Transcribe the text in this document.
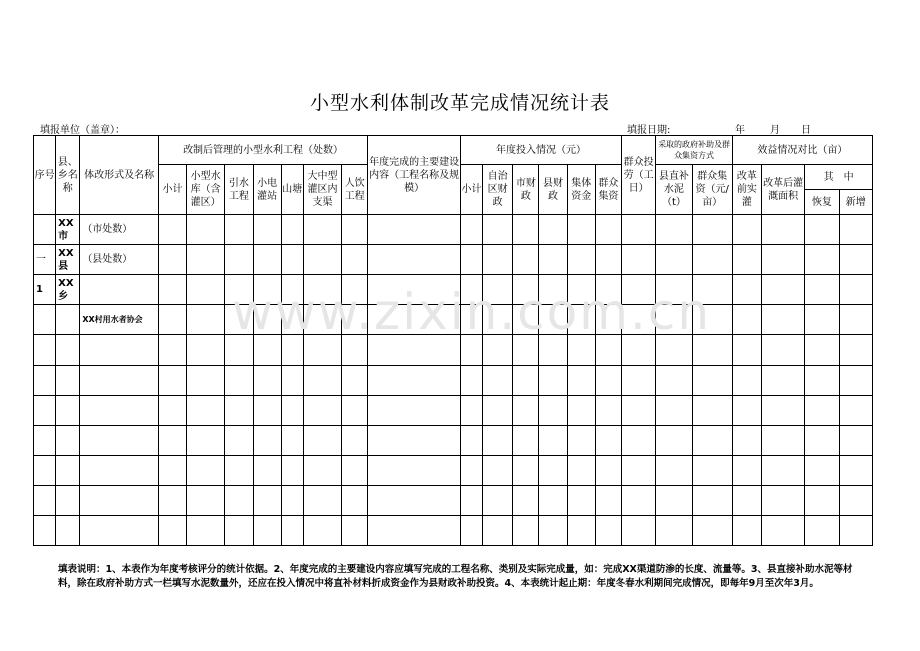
小型水利体制改革完成情况统计表
填报单位（盖章）：	填报日期:	年	月 日
序号	县、乡名称	体改形式及名称	改制后管理的小型水利工程（处数）							年度完成的主要建设内容（工程名称及规模）	年度投入情况（元）						群众投劳（工日）	采取的政府补助及群众集资方式		效益情况对比（亩）			
			小计	小型水库（含灌区）	引水工程	小电灌站	山塘	大中型灌区内支渠	人饮工程		小计	自治区财政	市财政	县财政	集体资金	群众集资		县直补水泥（t）	群众集资（元/亩）	改革前实灌	改革后灌溉面积	其　中	
																						恢复	新增
	XX市	（市处数）																					
一	XX县	（县处数）																					
1	XX乡																						
		XX村用水者协会																					

																							www.zixin.com.cn
填表说明：1、本表作为年度考核评分的统计依据。2、年度完成的主要建设内容应填写完成的工程名称、类别及实际完成量，如：完成XX渠道防渗的长度、流量等。3、县直接补助水泥等材料，除在政府补助方式一栏填写水泥数量外，还应在投入情况中将直补材料折成资金作为县财政补助投资。4、本表统计起止期：年度冬春水利期间完成情况，即每年9月至次年3月。
